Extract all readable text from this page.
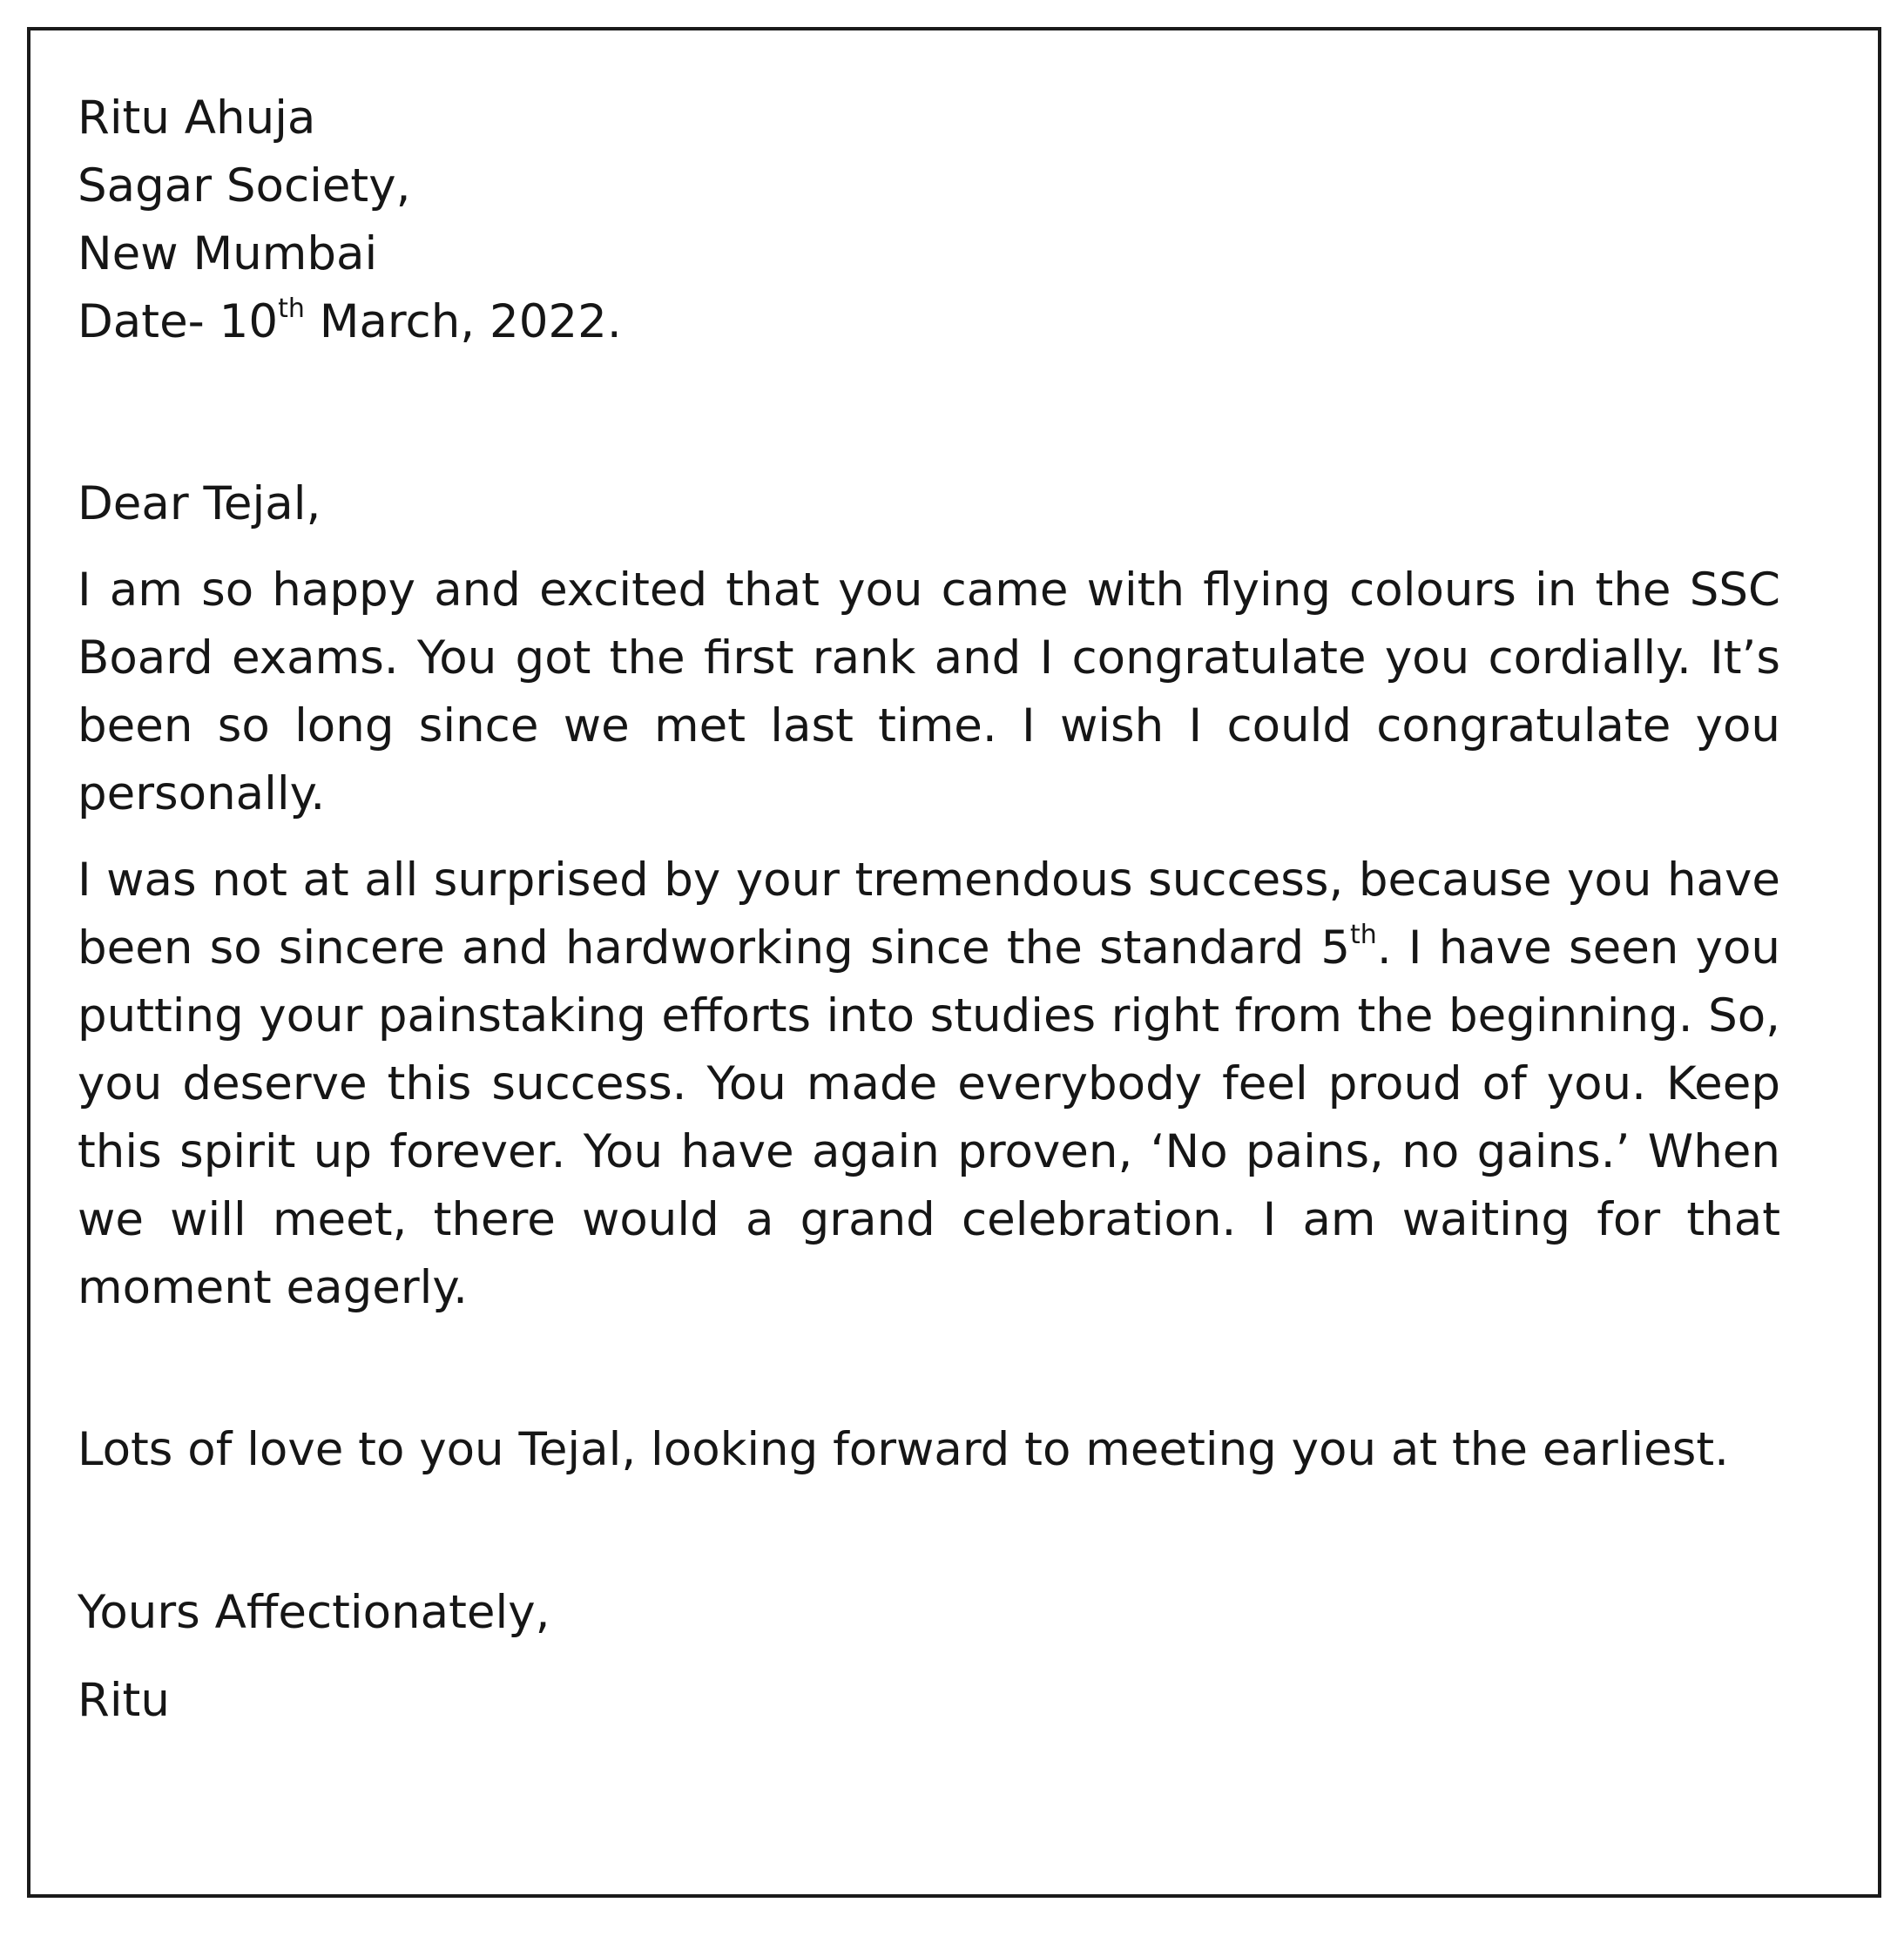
Ritu Ahuja
Sagar Society,
New Mumbai
Date- 10th March, 2022.

Dear Tejal,

I am so happy and excited that you came with flying colours in the SSC Board exams. You got the first rank and I congratulate you cordially. It’s been so long since we met last time. I wish I could congratulate you personally.

I was not at all surprised by your tremendous success, because you have been so sincere and hardworking since the standard 5th. I have seen you putting your painstaking efforts into studies right from the beginning. So, you deserve this success. You made everybody feel proud of you. Keep this spirit up forever. You have again proven, ‘No pains, no gains.’ When we will meet, there would a grand celebration. I am waiting for that moment eagerly.

Lots of love to you Tejal, looking forward to meeting you at the earliest.

Yours Affectionately,

Ritu
